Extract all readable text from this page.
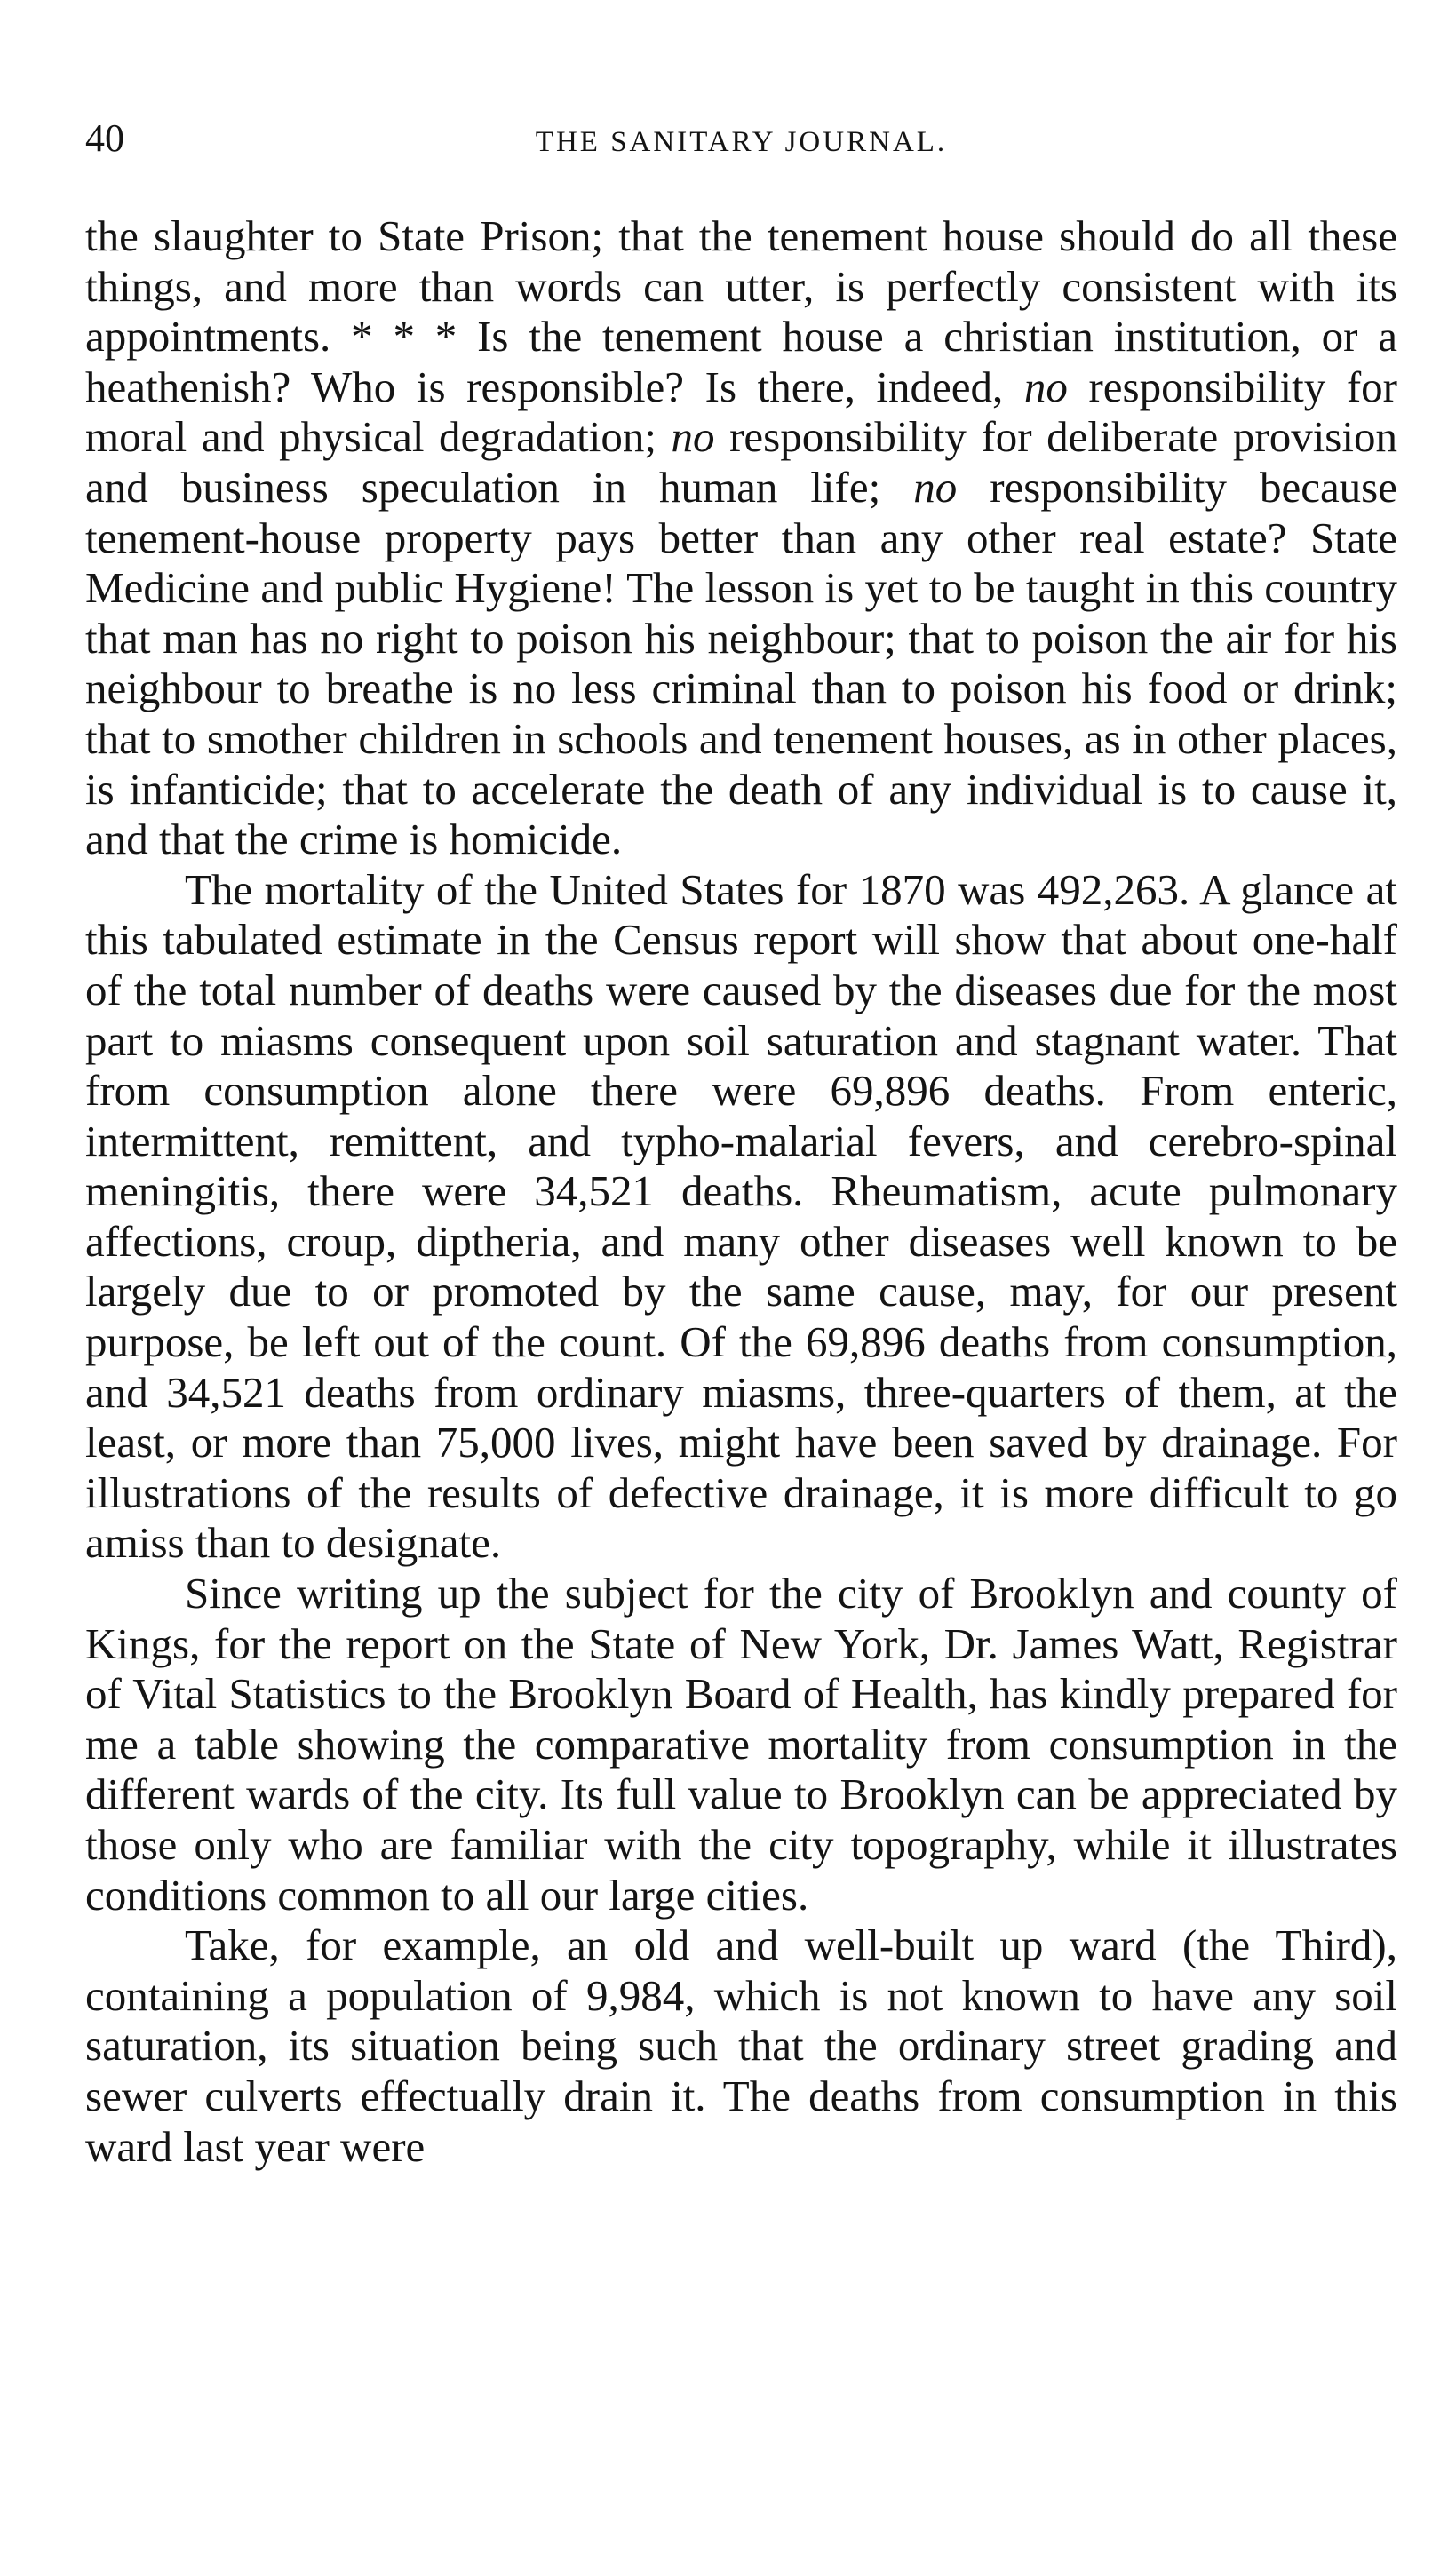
40	THE SANITARY JOURNAL.

the slaughter to State Prison; that the tenement house should do all these things, and more than words can utter, is perfectly consistent with its appointments. * * * Is the tenement house a christian institution, or a heathenish? Who is responsible? Is there, indeed, no responsibility for moral and physical degradation; no responsibility for deliberate provision and business speculation in human life; no responsibility because tenement-house property pays better than any other real estate? State Medicine and public Hygiene! The lesson is yet to be taught in this country that man has no right to poison his neighbour; that to poison the air for his neighbour to breathe is no less criminal than to poison his food or drink; that to smother children in schools and tenement houses, as in other places, is infanticide; that to accelerate the death of any individual is to cause it, and that the crime is homicide.

The mortality of the United States for 1870 was 492,263. A glance at this tabulated estimate in the Census report will show that about one-half of the total number of deaths were caused by the diseases due for the most part to miasms consequent upon soil saturation and stagnant water. That from consumption alone there were 69,896 deaths. From enteric, intermittent, remittent, and typho-malarial fevers, and cerebro-spinal meningitis, there were 34,521 deaths. Rheumatism, acute pulmonary affections, croup, diptheria, and many other diseases well known to be largely due to or promoted by the same cause, may, for our present purpose, be left out of the count. Of the 69,896 deaths from consumption, and 34,521 deaths from ordinary miasms, three-quarters of them, at the least, or more than 75,000 lives, might have been saved by drainage. For illustrations of the results of defective drainage, it is more difficult to go amiss than to designate.

Since writing up the subject for the city of Brooklyn and county of Kings, for the report on the State of New York, Dr. James Watt, Registrar of Vital Statistics to the Brooklyn Board of Health, has kindly prepared for me a table showing the comparative mortality from consumption in the different wards of the city. Its full value to Brooklyn can be appreciated by those only who are familiar with the city topography, while it illustrates conditions common to all our large cities.

Take, for example, an old and well-built up ward (the Third), containing a population of 9,984, which is not known to have any soil saturation, its situation being such that the ordinary street grading and sewer culverts effectually drain it. The deaths from consumption in this ward last year were
